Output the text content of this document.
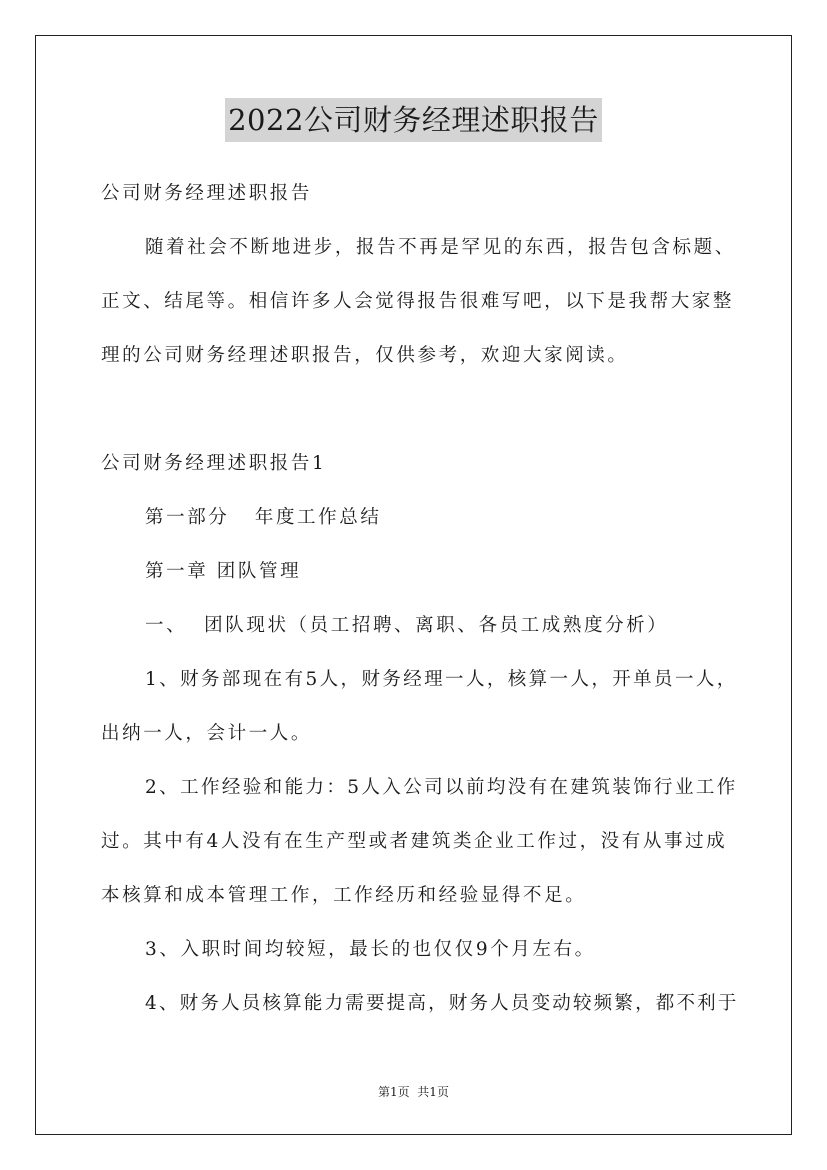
2022公司财务经理述职报告
公司财务经理述职报告
随着社会不断地进步，报告不再是罕见的东西，报告包含标题、
正文、结尾等。相信许多人会觉得报告很难写吧，以下是我帮大家整
理的公司财务经理述职报告，仅供参考，欢迎大家阅读。
公司财务经理述职报告1
第一部分   年度工作总结
第一章 团队管理
一、  团队现状（员工招聘、离职、各员工成熟度分析）
1、财务部现在有5人，财务经理一人，核算一人，开单员一人，
出纳一人，会计一人。
2、工作经验和能力：5人入公司以前均没有在建筑装饰行业工作
过。其中有4人没有在生产型或者建筑类企业工作过，没有从事过成
本核算和成本管理工作，工作经历和经验显得不足。
3、入职时间均较短，最长的也仅仅9个月左右。
4、财务人员核算能力需要提高，财务人员变动较频繁，都不利于
第1页  共1页
